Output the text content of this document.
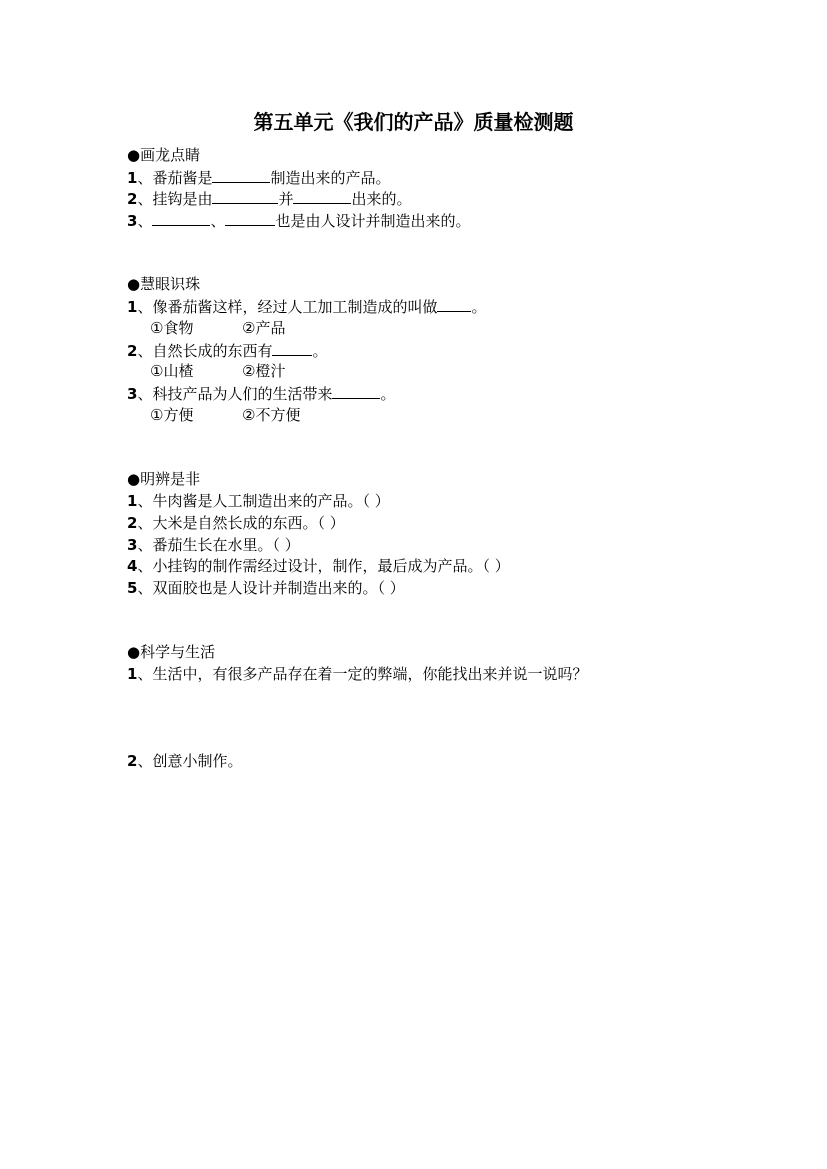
第五单元《我们的产品》质量检测题
●画龙点睛
1、番茄酱是	制造出来的产品。
2、挂钩是由	并	出来的。
3、	、	也是由人设计并制造出来的。
●慧眼识珠
1、像番茄酱这样，经过人工加工制造成的叫做 。
①食物	②产品
2、自然长成的东西有	。
①山楂	②橙汁
3、科技产品为人们的生活带来	。
①方便	②不方便
●明辨是非
1、牛肉酱是人工制造出来的产品。（ ）
2、大米是自然长成的东西。（ ）
3、番茄生长在水里。（ ）
4、小挂钩的制作需经过设计，制作，最后成为产品。（ ）
5、双面胶也是人设计并制造出来的。（ ）
●科学与生活
1、生活中，有很多产品存在着一定的弊端，你能找出来并说一说吗？
2、创意小制作。
